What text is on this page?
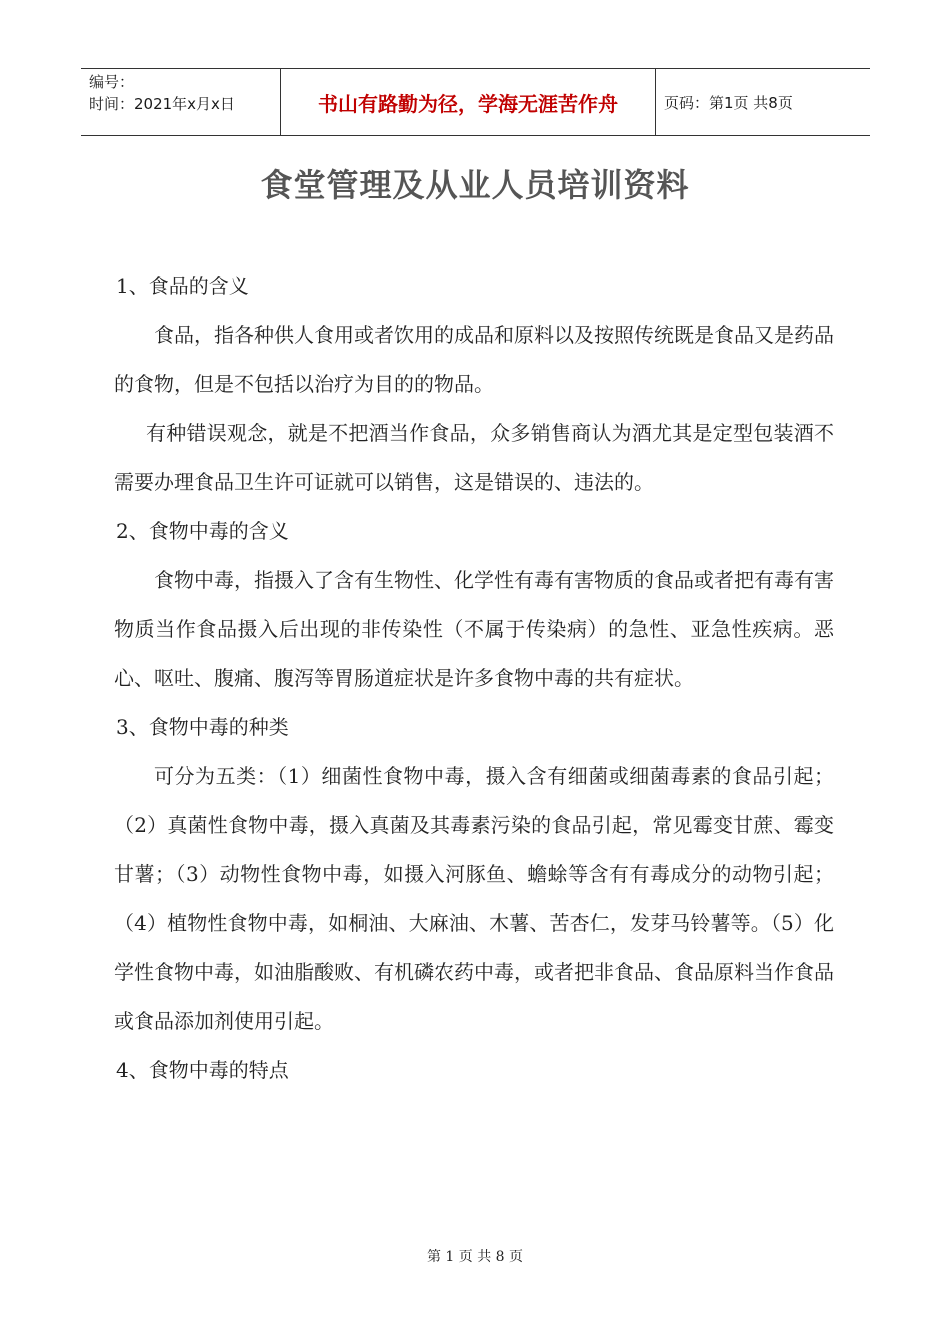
编号：
时间：2021年x月x日	书山有路勤为径，学海无涯苦作舟	页码：第1页 共8页
食堂管理及从业人员培训资料

1、食品的含义

食品，指各种供人食用或者饮用的成品和原料以及按照传统既是食品又是药品的食物，但是不包括以治疗为目的的物品。

有种错误观念，就是不把酒当作食品，众多销售商认为酒尤其是定型包装酒不需要办理食品卫生许可证就可以销售，这是错误的、违法的。

2、食物中毒的含义

食物中毒，指摄入了含有生物性、化学性有毒有害物质的食品或者把有毒有害物质当作食品摄入后出现的非传染性（不属于传染病）的急性、亚急性疾病。恶心、呕吐、腹痛、腹泻等胃肠道症状是许多食物中毒的共有症状。

3、食物中毒的种类

可分为五类：（1）细菌性食物中毒，摄入含有细菌或细菌毒素的食品引起；（2）真菌性食物中毒，摄入真菌及其毒素污染的食品引起，常见霉变甘蔗、霉变甘薯；（3）动物性食物中毒，如摄入河豚鱼、蟾蜍等含有有毒成分的动物引起；（4）植物性食物中毒，如桐油、大麻油、木薯、苦杏仁，发芽马铃薯等。（5）化学性食物中毒，如油脂酸败、有机磷农药中毒，或者把非食品、食品原料当作食品或食品添加剂使用引起。

4、食物中毒的特点

第 1 页 共 8 页
